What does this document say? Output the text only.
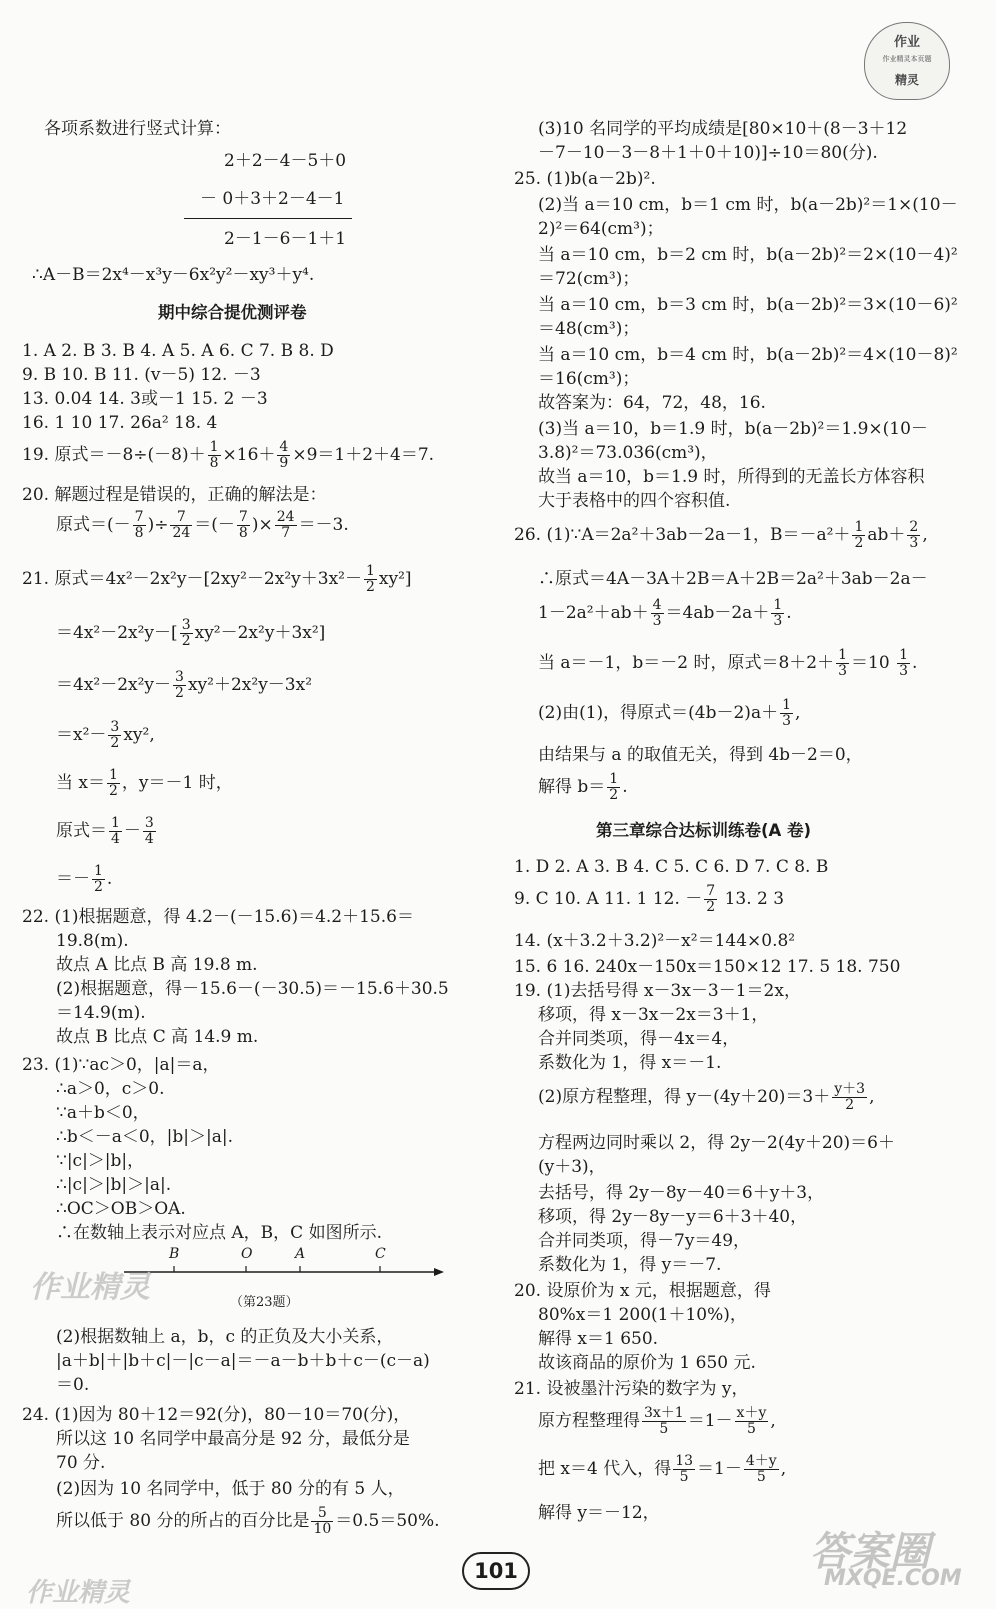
作业
作业精灵本页题
精灵
各项系数进行竖式计算：
2＋2－4－5＋0
－ 0＋3＋2－4－1
2－1－6－1＋1
∴A－B＝2x⁴－x³y－6x²y²－xy³＋y⁴.
期中综合提优测评卷
1. A 2. B 3. B 4. A 5. A 6. C 7. B 8. D
9. B 10. B 11. (v－5) 12. －3
13. 0.04 14. 3或－1 15. 2 －3
16. 1 10 17. 26a² 18. 4
19. 原式$=-8\div(-8)+ \frac{1}{8} \times 16+ \frac{4}{9} \times 9=1+2+4=7$.
20. 解题过程是错误的，正确的解法是：
原式＝(－ $\frac{7}{8}$ )÷ $\frac{7}{24}$ ＝(－ $\frac{7}{8}$ )× $\frac{24}{7} =-3$.
21. 原式$=4x^2-2x^2y-[2xy^2-2x^2y+3x^2- \frac{1}{2} xy^2]$
$=4x^2-2x^2y-[ \frac{3}{2} xy^2-2x^2y+3x^2]$
$=4x^2-2x^2y- \frac{3}{2} xy^2+2x^2y-3x^2$
$=x^2- \frac{3}{2} xy^2$,
当 $x= \frac{1}{2}$ ，y＝－1 时，
原式＝ $\frac{1}{4} - \frac{3}{4}$
＝－ $\frac{1}{2}$ .
22. (1)根据题意，得 4.2－(－15.6)＝4.2＋15.6＝
19.8(m).
故点 A 比点 B 高 19.8 m.
(2)根据题意，得－15.6－(－30.5)＝－15.6＋30.5
＝14.9(m).
故点 B 比点 C 高 14.9 m.
23. (1)∵ac＞0，|a|＝a，
∴a＞0，c＞0.
∵a＋b＜0，
∴b＜－a＜0，|b|＞|a|.
∵|c|＞|b|，
∴|c|＞|b|＞|a|.
∴OC＞OB＞OA.
∴在数轴上表示对应点 A，B，C 如图所示.
(2)根据数轴上 a，b，c 的正负及大小关系，
|a＋b|＋|b＋c|－|c－a|＝－a－b＋b＋c－(c－a)
＝0.
24. (1)因为 80＋12＝92(分)，80－10＝70(分)，
所以这 10 名同学中最高分是 92 分，最低分是
70 分.
(2)因为 10 名同学中，低于 80 分的有 5 人，
所以低于 80 分的所占的百分比是 $\frac{5}{10} =0.5=50\%$.
B	O	A	C
（第23题）
(3)10 名同学的平均成绩是[80×10＋(8－3＋12
－7－10－3－8＋1＋0＋10)]÷10＝80(分).
25. (1)b(a－2b)².
(2)当 a＝10 cm，b＝1 cm 时，b(a－2b)²＝1×(10－
2)²＝64(cm³)；
当 a＝10 cm，b＝2 cm 时，b(a－2b)²＝2×(10－4)²
＝72(cm³)；
当 a＝10 cm，b＝3 cm 时，b(a－2b)²＝3×(10－6)²
＝48(cm³)；
当 a＝10 cm，b＝4 cm 时，b(a－2b)²＝4×(10－8)²
＝16(cm³)；
故答案为：64，72，48，16.
(3)当 a＝10，b＝1.9 时，b(a－2b)²＝1.9×(10－
3.8)²＝73.036(cm³)，
故当 a＝10，b＝1.9 时，所得到的无盖长方体容积
大于表格中的四个容积值.
26. (1)∵A＝2a²＋3ab－2a－1，$B=-a^2+ \frac{1}{2} ab+ \frac{2}{3}$ ,
∴原式＝4A－3A＋2B＝A＋2B＝2a²＋3ab－2a－
$1-2a^2+ab+ \frac{4}{3} =4ab-2a+ \frac{1}{3}$ .
当 a＝－1，b＝－2 时，原式$=8+2+ \frac{1}{3} =10 \frac{1}{3}$ .
(2)由(1)，得原式$=(4b-2)a+ \frac{1}{3}$ ,
由结果与 a 的取值无关，得到 4b－2＝0，
解得 $b= \frac{1}{2}$ .
第三章综合达标训练卷(A 卷)
1. D 2. A 3. B 4. C 5. C 6. D 7. C 8. B
9. C 10. A 11. 1 12. － $\frac{7}{2} 13$. 2 3
14. (x＋3.2＋3.2)²－x²＝144×0.8²
15. 6 16. 240x－150x＝150×12 17. 5 18. 750
19. (1)去括号得 x－3x－3－1＝2x，
移项，得 x－3x－2x＝3＋1，
合并同类项，得－4x＝4，
系数化为 1，得 x＝－1.
(2)原方程整理，得 $y-(4y+20)=3+ \frac{y+3}{2}$ ,
方程两边同时乘以 2，得 2y－2(4y＋20)＝6＋
(y＋3)，
去括号，得 2y－8y－40＝6＋y＋3，
移项，得 2y－8y－y＝6＋3＋40，
合并同类项，得－7y＝49，
系数化为 1，得 y＝－7.
20. 设原价为 x 元，根据题意，得
80%x＝1 200(1＋10%)，
解得 x＝1 650.
故该商品的原价为 1 650 元.
21. 设被墨汁污染的数字为 y，
原方程整理得 $\frac{3x+1}{5} =1- \frac{x+y}{5}$ ,
把 x＝4 代入，得 $\frac{13}{5} =1- \frac{4+y}{5}$ ,
解得 y＝－12，
作业精灵
作业精灵
答案圈
MXQE.COM
101
